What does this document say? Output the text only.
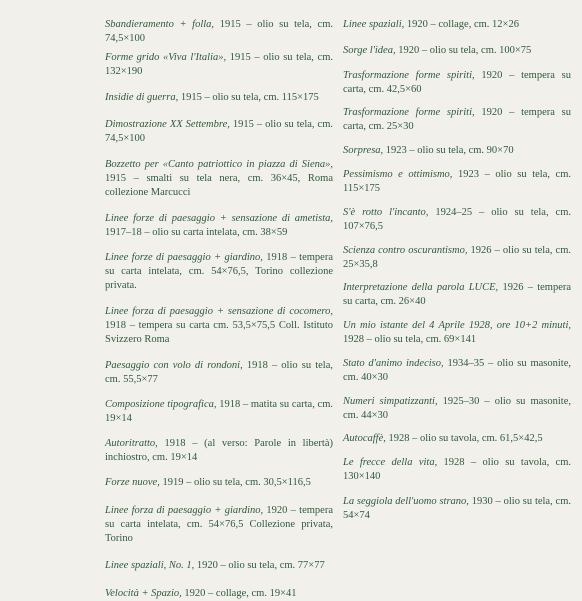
Sbandieramento + folla, 1915 – olio su tela, cm. 74,5×100

Forme grido «Viva l'Italia», 1915 – olio su tela, cm. 132×190

Insidie di guerra, 1915 – olio su tela, cm. 115×175

Dimostrazione XX Settembre, 1915 – olio su tela, cm. 74,5×100

Bozzetto per «Canto patriottico in piazza di Siena», 1915 – smalti su tela nera, cm. 36×45, Roma collezione Marcucci

Linee forze di paesaggio + sensazione di ametista, 1917–18 – olio su carta intelata, cm. 38×59

Linee forze di paesaggio + giardino, 1918 – tempera su carta intelata, cm. 54×76,5, Torino collezione privata.

Linee forza di paesaggio + sensazione di cocomero, 1918 – tempera su carta cm. 53,5×75,5 Coll. Istituto Svizzero Roma

Paesaggio con volo di rondoni, 1918 – olio su tela, cm. 55,5×77

Composizione tipografica, 1918 – matita su carta, cm. 19×14

Autoritratto, 1918 – (al verso: Parole in libertà) inchiostro, cm. 19×14

Forze nuove, 1919 – olio su tela, cm. 30,5×116,5

Linee forza di paesaggio + giardino, 1920 – tempera su carta intelata, cm. 54×76,5 Collezione privata, Torino

Linee spaziali, No. 1, 1920 – olio su tela, cm. 77×77

Velocità + Spazio, 1920 – collage, cm. 19×41

Linee spaziali, 1920 – collage, cm. 12×26

Sorge l'idea, 1920 – olio su tela, cm. 100×75

Trasformazione forme spiriti, 1920 – tempera su carta, cm. 42,5×60

Trasformazione forme spiriti, 1920 – tempera su carta, cm. 25×30

Sorpresa, 1923 – olio su tela, cm. 90×70

Pessimismo e ottimismo, 1923 – olio su tela, cm. 115×175

S'è rotto l'incanto, 1924–25 – olio su tela, cm. 107×76,5

Scienza contro oscurantismo, 1926 – olio su tela, cm. 25×35,8

Interpretazione della parola LUCE, 1926 – tempera su carta, cm. 26×40

Un mio istante del 4 Aprile 1928, ore 10+2 minuti, 1928 – olio su tela, cm. 69×141

Stato d'animo indeciso, 1934–35 – olio su masonite, cm. 40×30

Numeri simpatizzanti, 1925–30 – olio su masonite, cm. 44×30

Autocaffè, 1928 – olio su tavola, cm. 61,5×42,5

Le frecce della vita, 1928 – olio su tavola, cm. 130×140

La seggiola dell'uomo strano, 1930 – olio su tela, cm. 54×74
